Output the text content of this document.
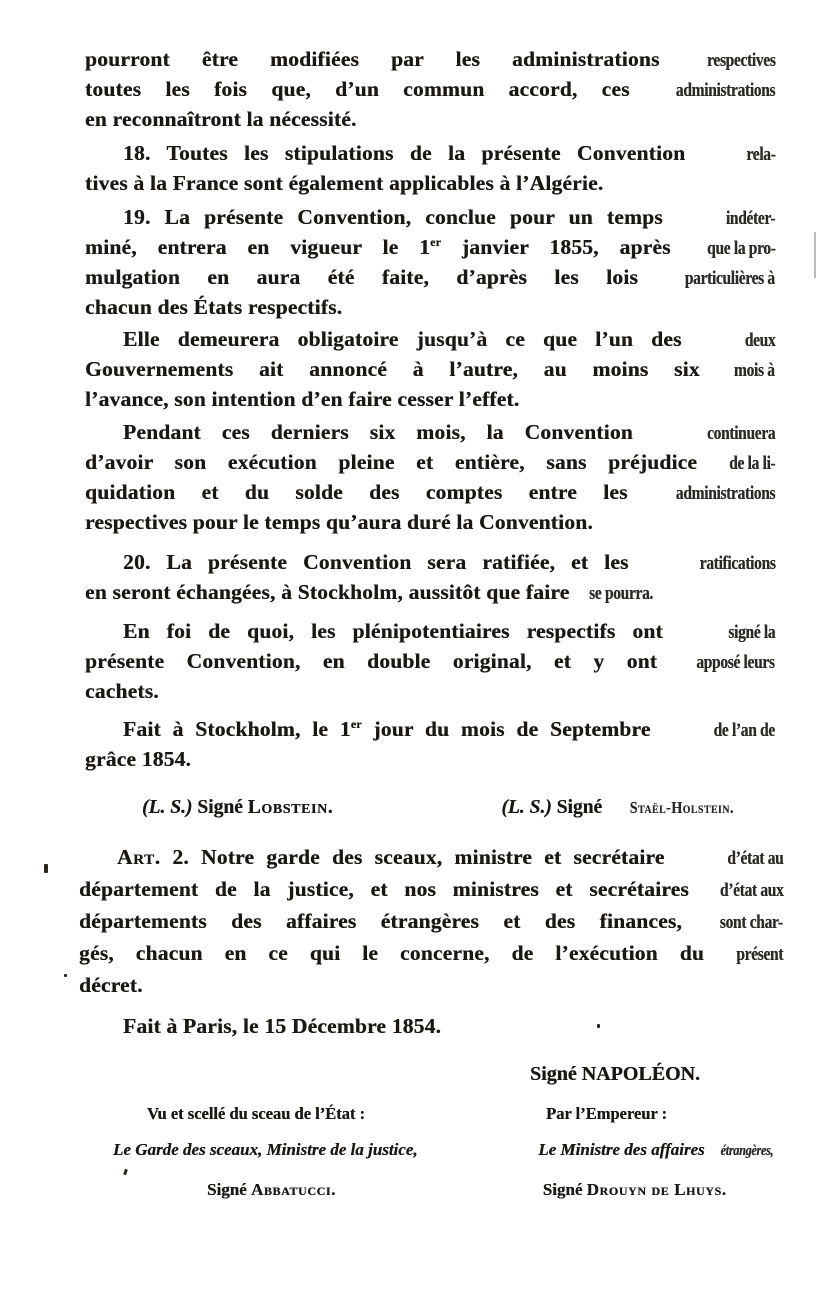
pourront être modifiées par les administrations respectives
toutes les fois que, d’un commun accord, ces administrations
en reconnaîtront la nécessité.
18. Toutes les stipulations de la présente Convention rela-
tives à la France sont également applicables à l’Algérie.
19. La présente Convention, conclue pour un temps	indéter-
miné, entrera en vigueur le 1er janvier 1855, après que la pro-
mulgation en aura été faite, d’après les lois particulières à
chacun des États respectifs.
Elle demeurera obligatoire jusqu’à ce que l’un des deux
Gouvernements ait annoncé à l’autre, au moins six mois à
l’avance, son intention d’en faire cesser l’effet.
Pendant ces derniers six mois, la Convention	continuera
d’avoir son exécution pleine et entière, sans préjudice de la li-
quidation et du solde des comptes entre les administrations
respectives pour le temps qu’aura duré la Convention.
20. La présente Convention sera ratifiée, et les	ratifications
en seront échangées, à Stockholm, aussitôt que faire se pourra.
En foi de quoi, les plénipotentiaires respectifs ont	signé la
présente Convention, en double original, et y ont apposé leurs
cachets.
Fait à Stockholm, le 1er jour du mois de Septembre	de l’an de
grâce 1854.
(L. S.) Signé Lobstein.	(L. S.) Signé Staël-Holstein.
Art. 2. Notre garde des sceaux, ministre et secrétaire	d’état au
département de la justice, et nos ministres et secrétaires d’état aux
départements des affaires étrangères et des finances, sont char-
gés, chacun en ce qui le concerne, de l’exécution du présent
décret.
Fait à Paris, le 15 Décembre 1854.
Signé NAPOLÉON.
Vu et scellé du sceau de l’État :	Par l’Empereur :
Le Garde des sceaux, Ministre de la justice,	Le Ministre des affaires étrangères,
Signé Abbatucci.	Signé Drouyn de Lhuys.
